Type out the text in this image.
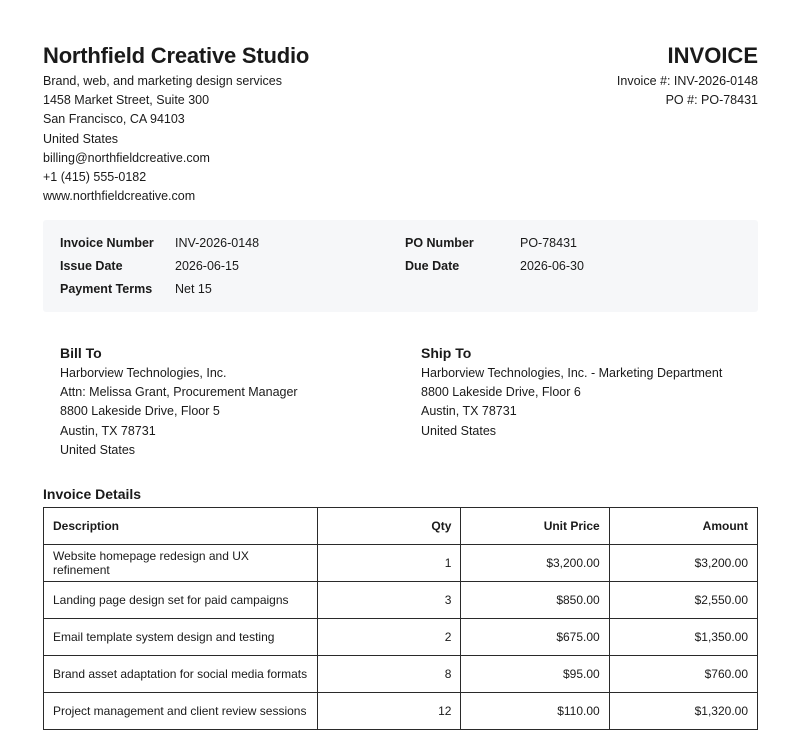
Northfield Creative Studio
Brand, web, and marketing design services
1458 Market Street, Suite 300
San Francisco, CA 94103
United States
billing@northfieldcreative.com
+1 (415) 555-0182
www.northfieldcreative.com
INVOICE
Invoice #: INV-2026-0148
PO #: PO-78431
Invoice Number INV-2026-0148
Issue Date	2026-06-15
Payment Terms Net 15
PO Number	PO-78431
Due Date	2026-06-30
Bill To
Harborview Technologies, Inc.
Attn: Melissa Grant, Procurement Manager
8800 Lakeside Drive, Floor 5
Austin, TX 78731
United States
Ship To
Harborview Technologies, Inc. - Marketing Department
8800 Lakeside Drive, Floor 6
Austin, TX 78731
United States
Invoice Details
Description	Qty	Unit Price	Amount
Website homepage redesign and UX refinement	1	$3,200.00	$3,200.00
Landing page design set for paid campaigns	3	$850.00	$2,550.00
Email template system design and testing	2	$675.00	$1,350.00
Brand asset adaptation for social media formats	8	$95.00	$760.00
Project management and client review sessions	12	$110.00	$1,320.00
